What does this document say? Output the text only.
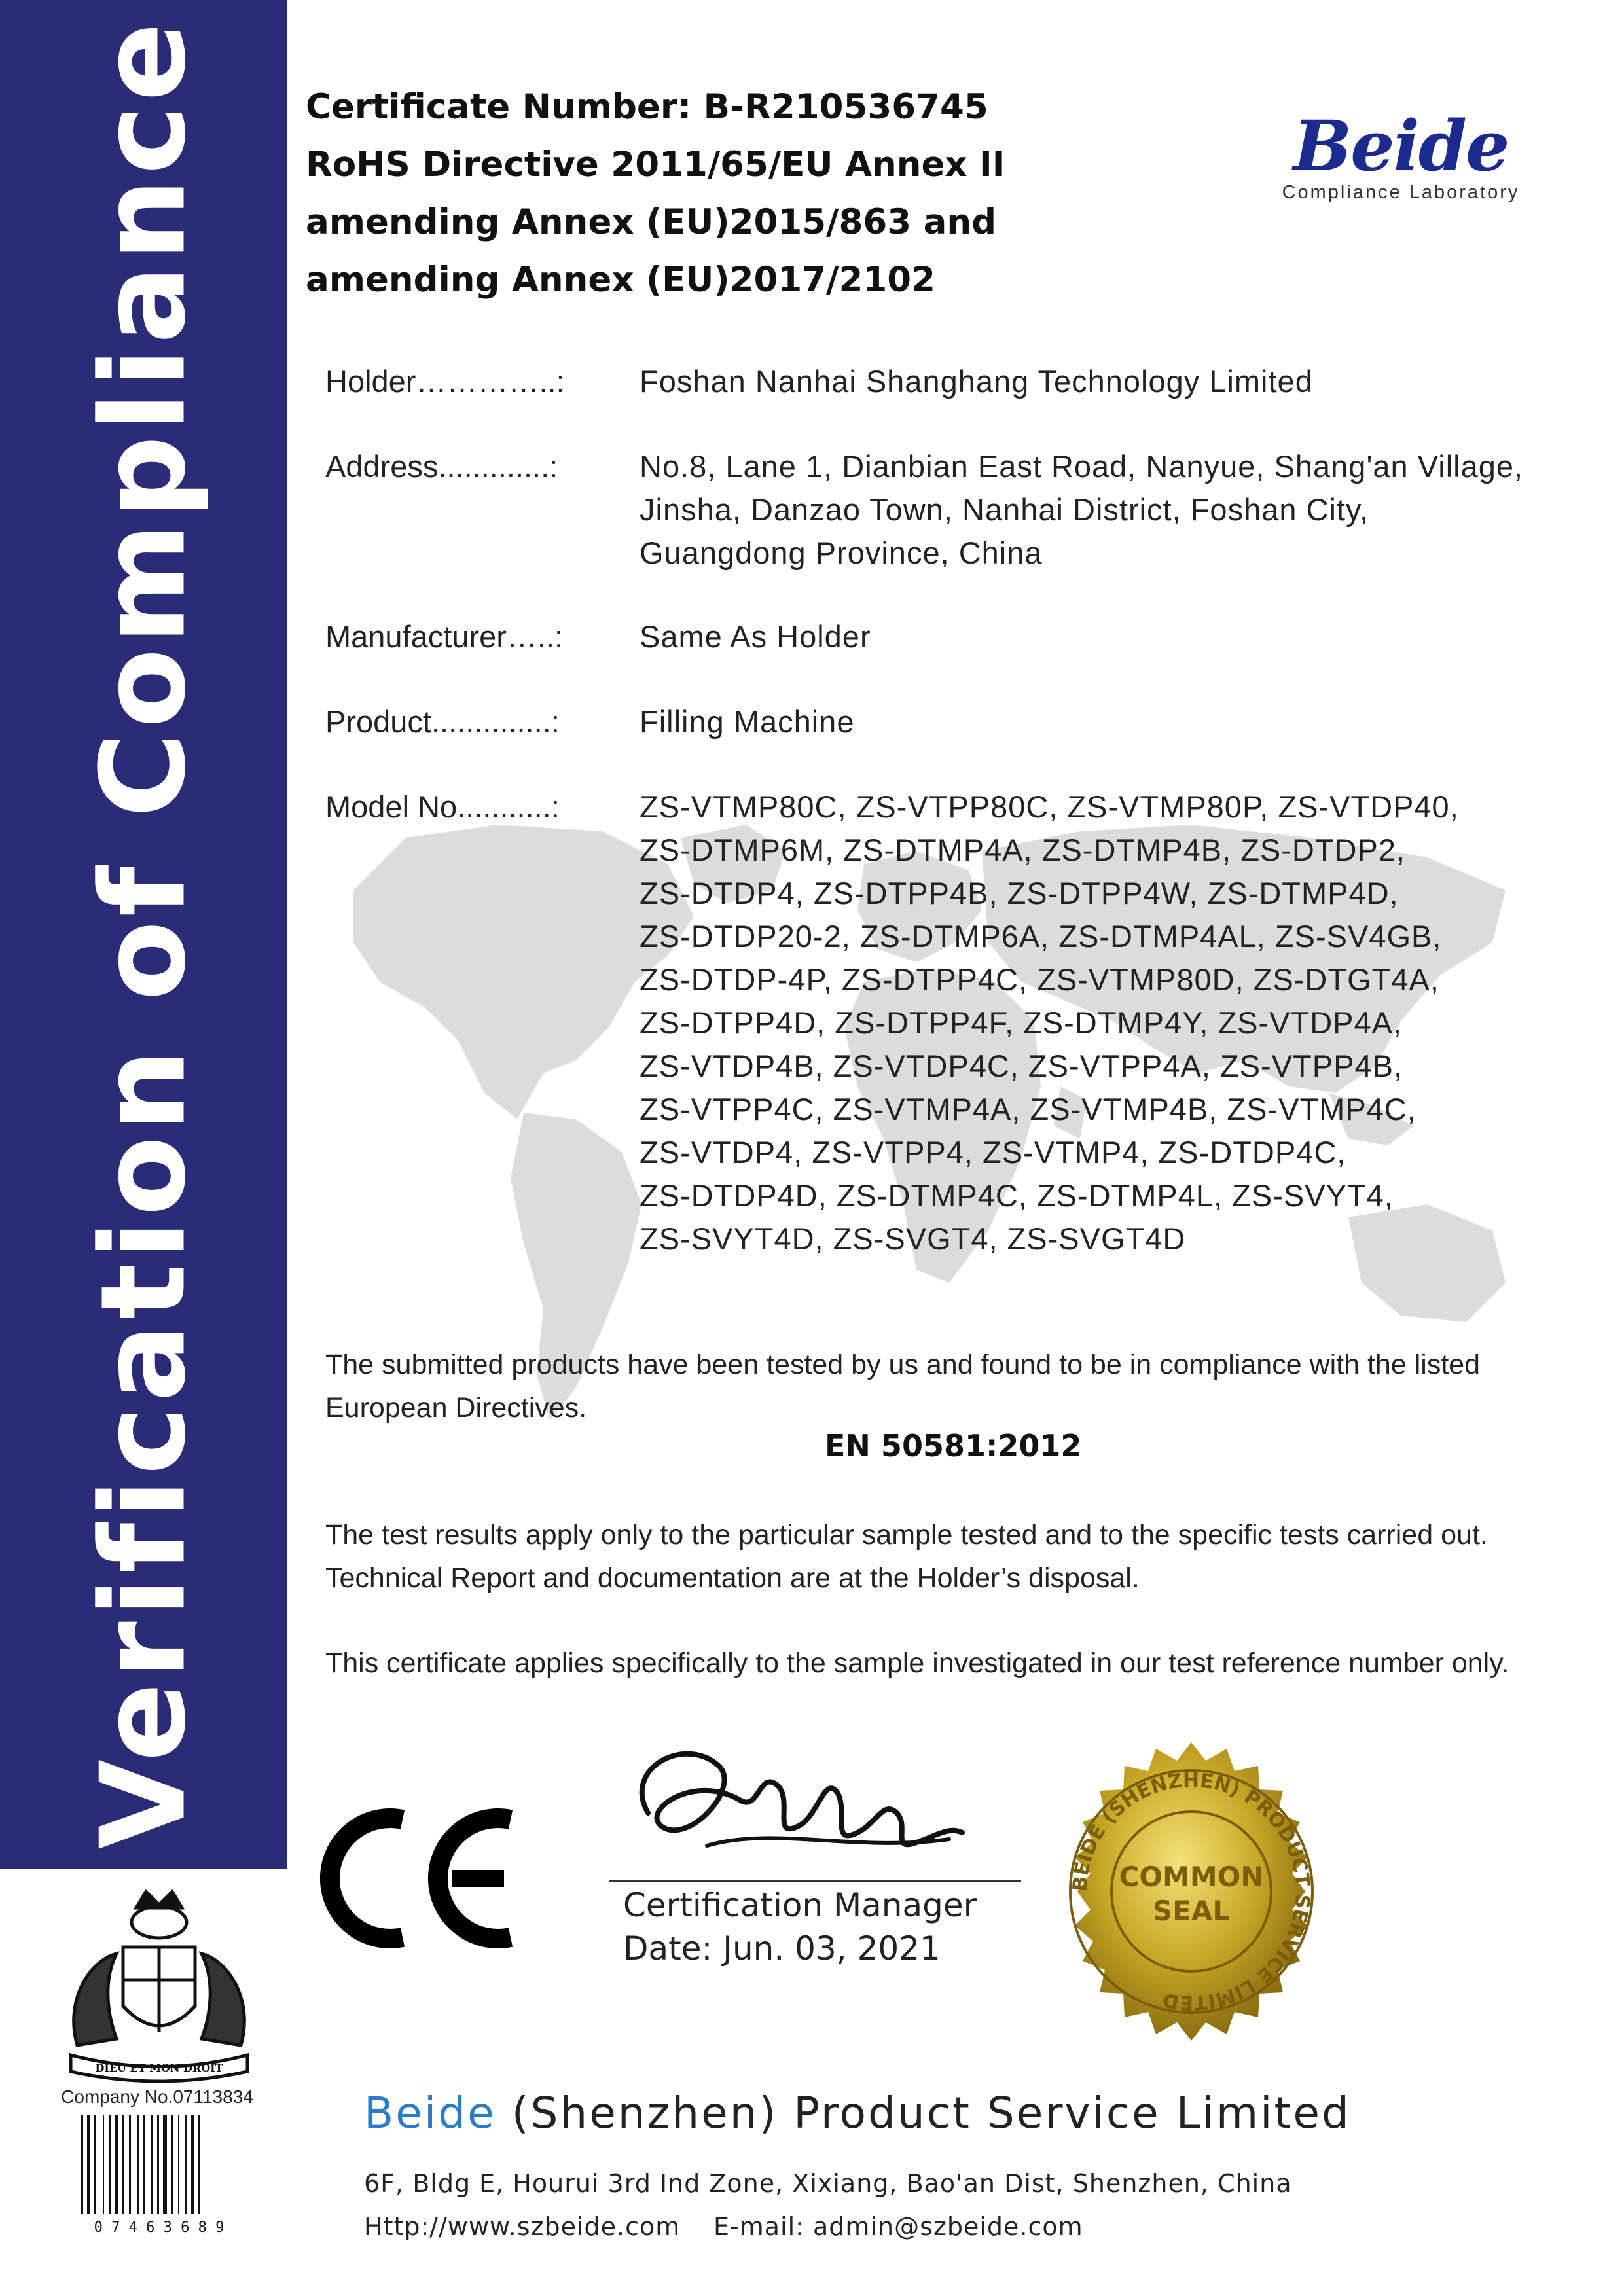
Verification of Compliance	Certificate Number: B-R210536745
RoHS Directive 2011/65/EU Annex II
amending Annex (EU)2015/863 and
amending Annex (EU)2017/2102
Beide
Compliance Laboratory
Holder…………..: Foshan Nanhai Shanghang Technology Limited
Address.............:	No.8, Lane 1, Dianbian East Road, Nanyue, Shang'an Village,
Jinsha, Danzao Town, Nanhai District, Foshan City,
Guangdong Province, China
Manufacturer…..: Same As Holder
Product..............:	Filling Machine
Model No...........:	ZS-VTMP80C, ZS-VTPP80C, ZS-VTMP80P, ZS-VTDP40,
ZS-DTMP6M, ZS-DTMP4A, ZS-DTMP4B, ZS-DTDP2,
ZS-DTDP4, ZS-DTPP4B, ZS-DTPP4W, ZS-DTMP4D,
ZS-DTDP20-2, ZS-DTMP6A, ZS-DTMP4AL, ZS-SV4GB,
ZS-DTDP-4P, ZS-DTPP4C, ZS-VTMP80D, ZS-DTGT4A,
ZS-DTPP4D, ZS-DTPP4F, ZS-DTMP4Y, ZS-VTDP4A,
ZS-VTDP4B, ZS-VTDP4C, ZS-VTPP4A, ZS-VTPP4B,
ZS-VTPP4C, ZS-VTMP4A, ZS-VTMP4B, ZS-VTMP4C,
ZS-VTDP4, ZS-VTPP4, ZS-VTMP4, ZS-DTDP4C,
ZS-DTDP4D, ZS-DTMP4C, ZS-DTMP4L, ZS-SVYT4,
ZS-SVYT4D, ZS-SVGT4, ZS-SVGT4D
The submitted products have been tested by us and found to be in compliance with the listed
European Directives.
EN 50581:2012
The test results apply only to the particular sample tested and to the specific tests carried out.
Technical Report and documentation are at the Holder’s disposal.
This certificate applies specifically to the sample investigated in our test reference number only.
Certification Manager
Date: Jun. 03, 2021
BEIDE (SHENZHEN) PRODUCT SERVICE LIMITED
COMMON
SEAL
DIEU ET MON DROIT
Company No.07113834
0 7 4 6 3 6 8 9
Beide (Shenzhen) Product Service Limited
6F, Bldg E, Hourui 3rd Ind Zone, Xixiang, Bao'an Dist, Shenzhen, China
Http://www.szbeide.com E-mail: admin@szbeide.com
